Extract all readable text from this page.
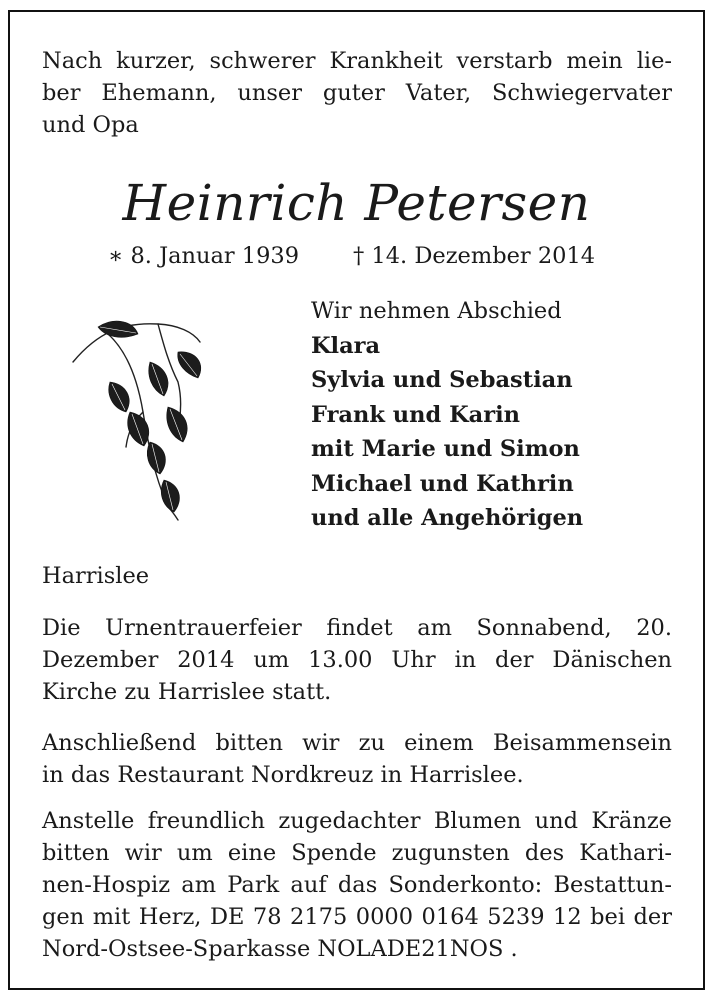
Nach kurzer, schwerer Krankheit verstarb mein lie-
ber Ehemann, unser guter Vater, Schwiegervater
und Opa
Heinrich Petersen
∗ 8. Januar 1939 † 14. Dezember 2014
Wir nehmen Abschied
Klara
Sylvia und Sebastian
Frank und Karin
mit Marie und Simon
Michael und Kathrin
und alle Angehörigen
Harrislee
Die Urnentrauerfeier findet am Sonnabend, 20.
Dezember 2014 um 13.00 Uhr in der Dänischen
Kirche zu Harrislee statt.
Anschließend bitten wir zu einem Beisammensein
in das Restaurant Nordkreuz in Harrislee.
Anstelle freundlich zugedachter Blumen und Kränze
bitten wir um eine Spende zugunsten des Kathari-
nen-Hospiz am Park auf das Sonderkonto: Bestattun-
gen mit Herz, DE 78 2175 0000 0164 5239 12 bei der
Nord-Ostsee-Sparkasse NOLADE21NOS .
